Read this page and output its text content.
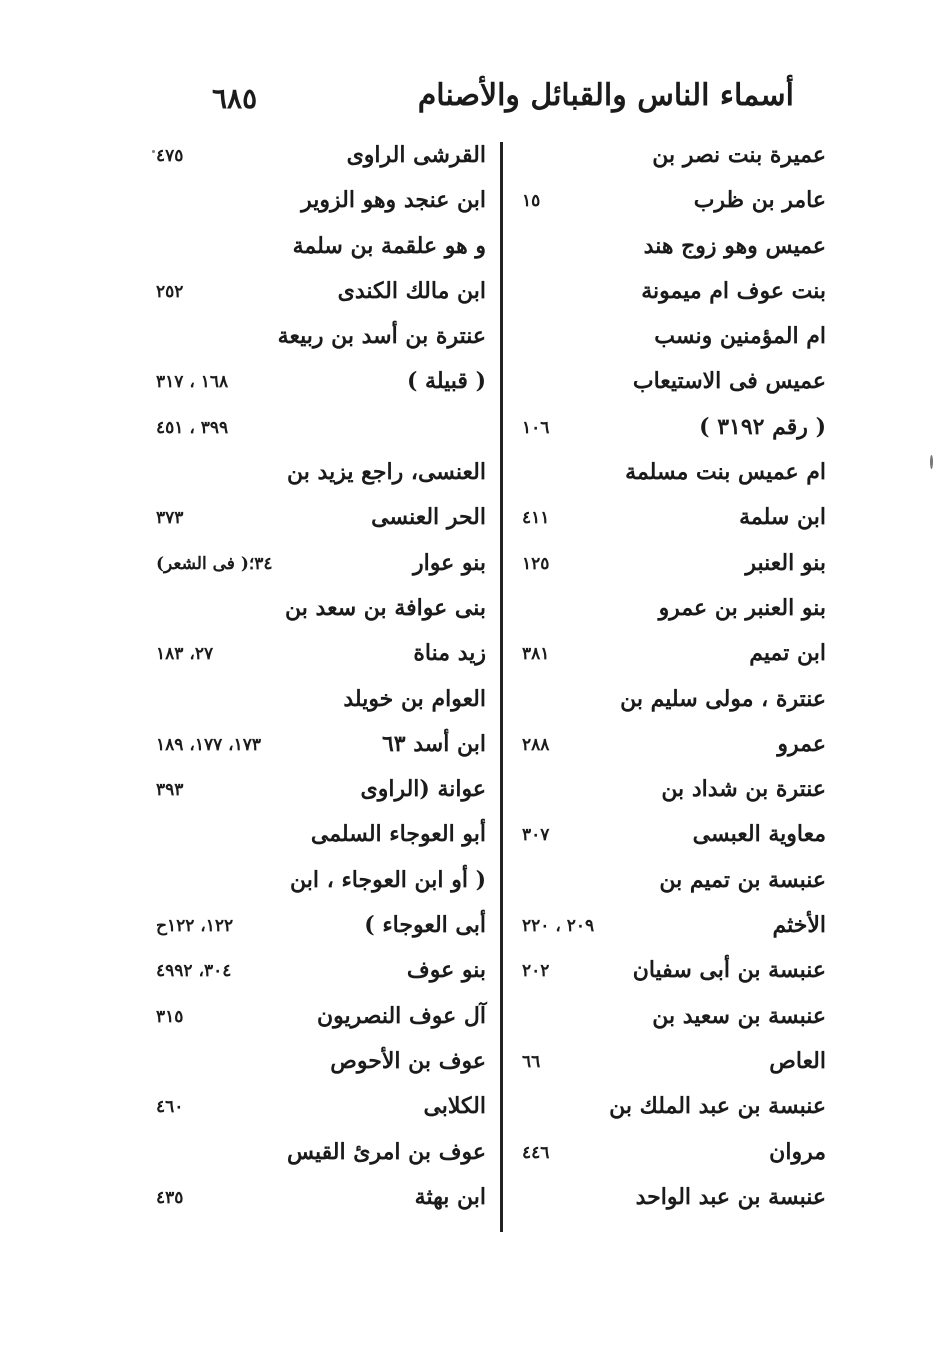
أسماء الناس والقبائل والأصنام
٦٨٥
عميرة بنت نصر بن
عامر بن ظرب
١٥
عميس وهو زوج هند
بنت عوف ام ميمونة
ام المؤمنين ونسب
عميس فى الاستيعاب
( رقم ٣١٩٢ )
١٠٦
ام عميس بنت مسلمة
ابن سلمة
٤١١
بنو العنبر
١٢٥
بنو العنبر بن عمرو
ابن تميم
٣٨١
عنترة ، مولى سليم بن
عمرو
٢٨٨
عنترة بن شداد بن
معاوية العبسى
٣٠٧
عنبسة بن تميم بن
الأخثم
٢٠٩ ، ٢٢٠
عنبسة بن أبى سفيان
٢٠٢
عنبسة بن سعيد بن
العاص
٦٦
عنبسة بن عبد الملك بن
مروان
٤٤٦
عنبسة بن عبد الواحد
القرشى الراوى
٤٧٥
ابن عنجد وهو الزوير
و هو علقمة بن سلمة
ابن مالك الكندى
٢٥٢
عنترة بن أسد بن ربيعة
( قبيلة )
١٦٨ ، ٣١٧
٣٩٩ ، ٤٥١
العنسى، راجع يزيد بن
الحر العنسى
٣٧٣
بنو عوار
٣٤؛( فى الشعر)
بنى عوافة بن سعد بن
زيد مناة
٢٧، ١٨٣
العوام بن خويلد
ابن أسد ٦٣
١٧٣، ١٧٧، ١٨٩
عوانة (الراوى
٣٩٣
أبو العوجاء السلمى
( أو ابن العوجاء ، ابن
أبى العوجاء )
١٢٢، ١٢٢ح
بنو عوف
٣٠٤، ٤٩٩٢
آل عوف النصريون
٣١٥
عوف بن الأحوص
الكلابى
٤٦٠
عوف بن امرئ القيس
ابن بهثة
٤٣٥
